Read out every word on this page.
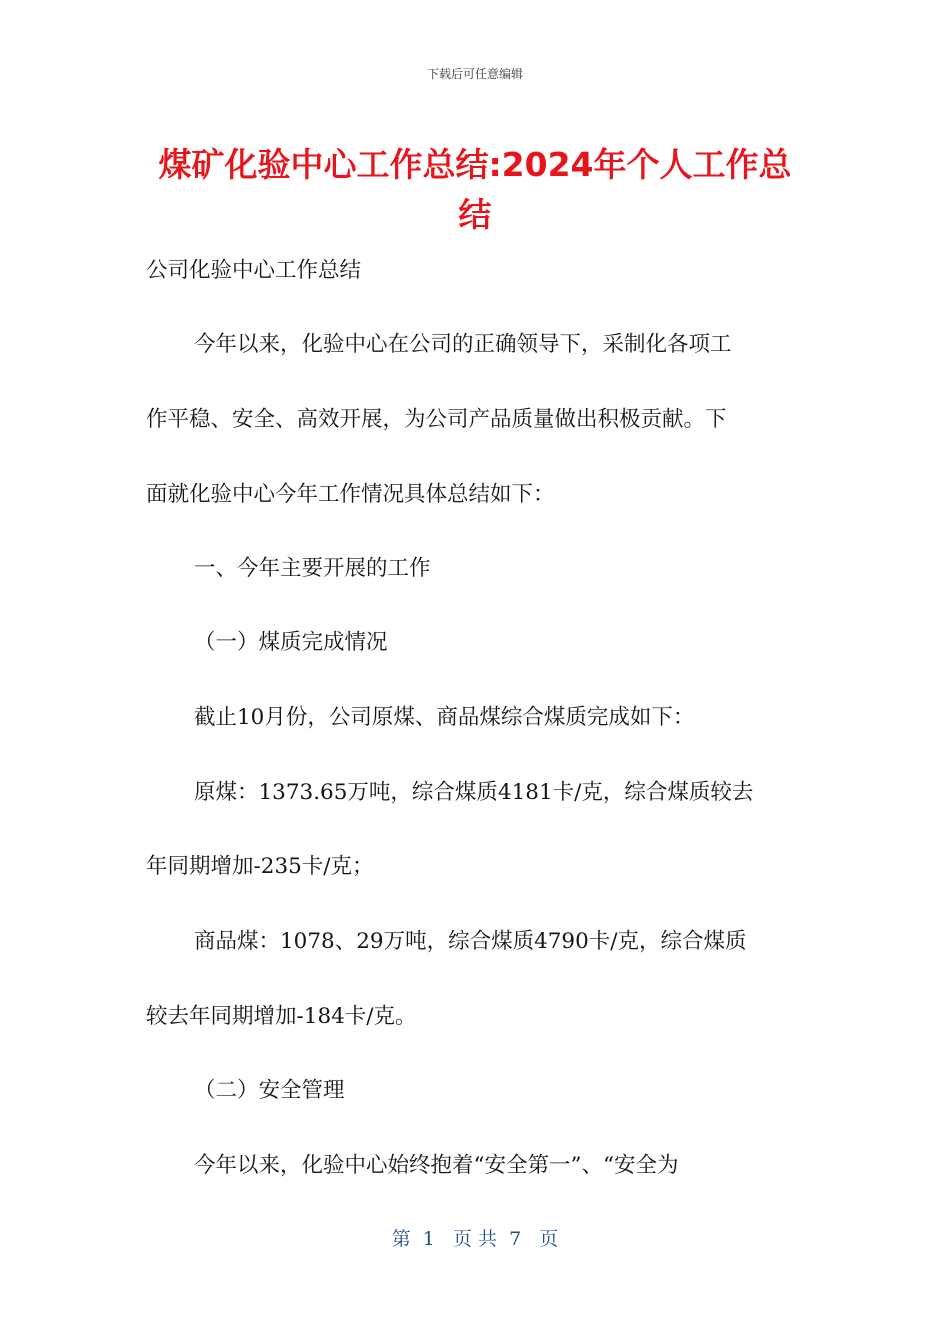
下载后可任意编辑
煤矿化验中心工作总结:2024年个人工作总结
公司化验中心工作总结
今年以来，化验中心在公司的正确领导下，采制化各项工
作平稳、安全、高效开展，为公司产品质量做出积极贡献。下
面就化验中心今年工作情况具体总结如下：
一、今年主要开展的工作
（一）煤质完成情况
截止10月份，公司原煤、商品煤综合煤质完成如下：
原煤：1373.65万吨，综合煤质4181卡/克，综合煤质较去
年同期增加-235卡/克；
商品煤：1078、29万吨，综合煤质4790卡/克，综合煤质
较去年同期增加-184卡/克。
（二）安全管理
今年以来，化验中心始终抱着“安全第一”、“安全为
第  1   页 共  7   页
